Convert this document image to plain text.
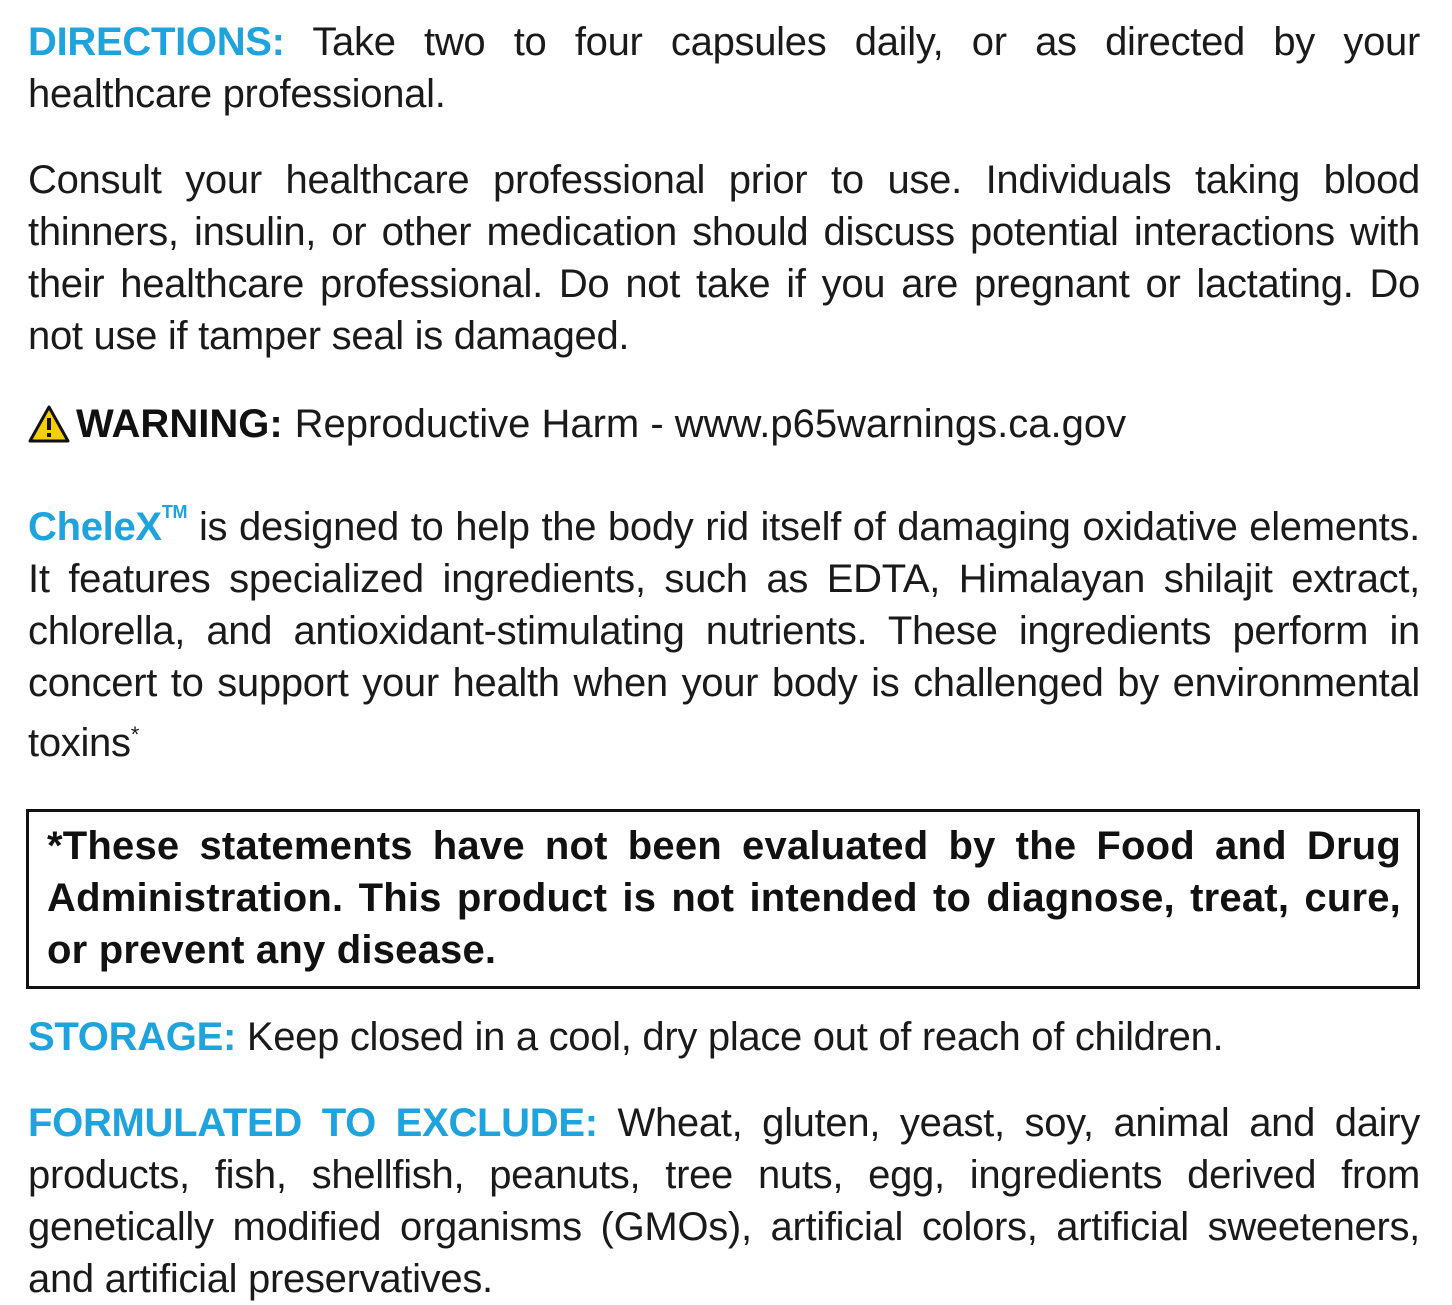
DIRECTIONS: Take two to four capsules daily, or as directed by your healthcare professional.

Consult your healthcare professional prior to use. Individuals taking blood thinners, insulin, or other medication should discuss potential interactions with their healthcare professional. Do not take if you are pregnant or lactating. Do not use if tamper seal is damaged.

WARNING: Reproductive Harm - www.p65warnings.ca.gov

CheleX™ is designed to help the body rid itself of damaging oxidative elements. It features specialized ingredients, such as EDTA, Himalayan shilajit extract, chlorella, and antioxidant-stimulating nutrients. These ingredients perform in concert to support your health when your body is challenged by environmental toxins*

*These statements have not been evaluated by the Food and Drug Administration. This product is not intended to diagnose, treat, cure, or prevent any disease.

STORAGE: Keep closed in a cool, dry place out of reach of children.

FORMULATED TO EXCLUDE: Wheat, gluten, yeast, soy, animal and dairy products, fish, shellfish, peanuts, tree nuts, egg, ingredients derived from genetically modified organisms (GMOs), artificial colors, artificial sweeteners, and artificial preservatives.
